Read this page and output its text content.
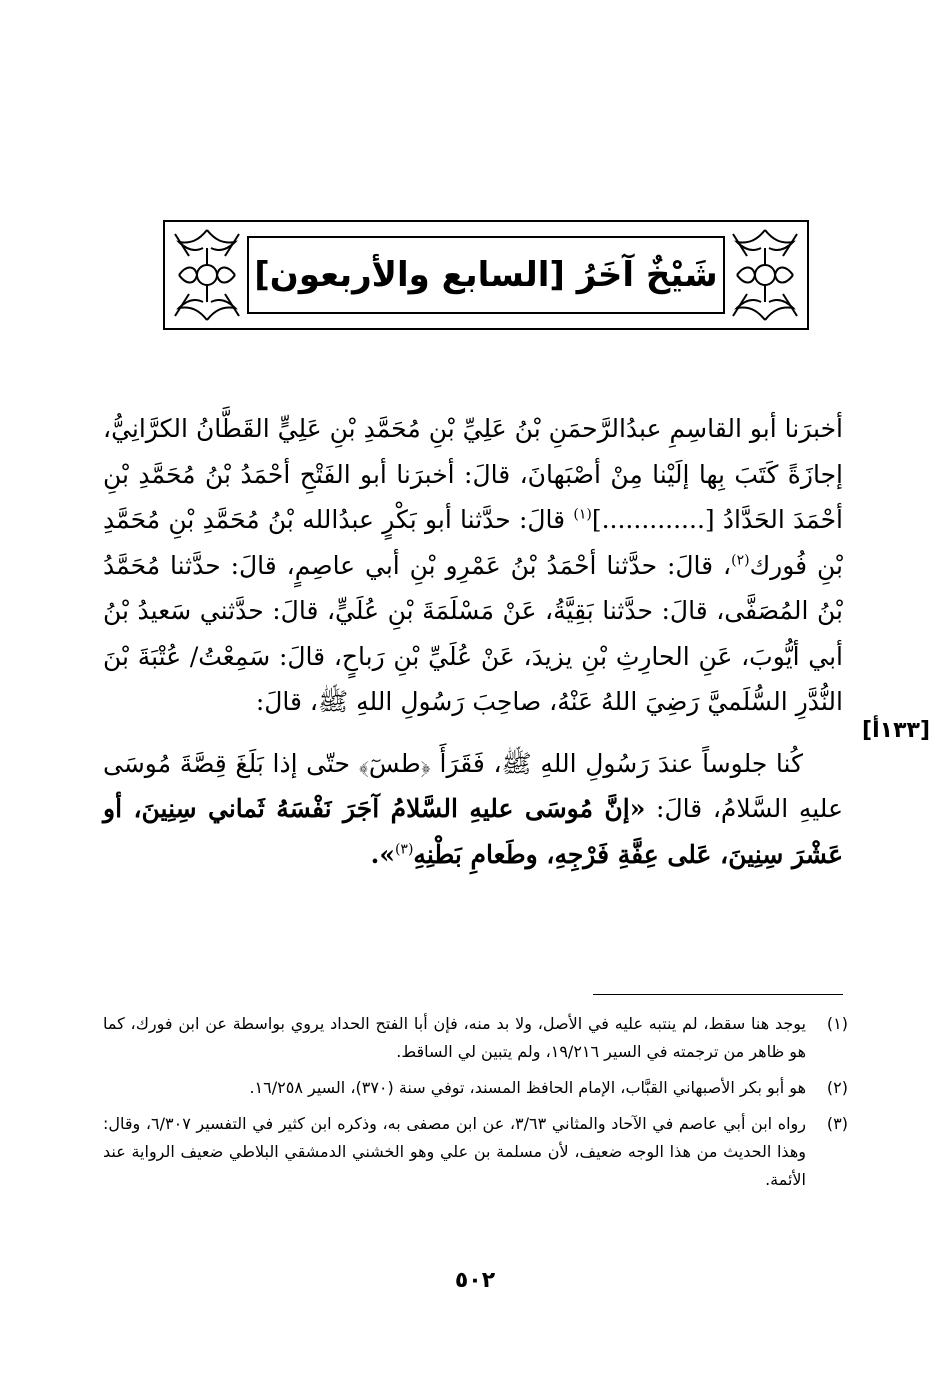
شَيْخٌ آخَرُ [السابع والأربعون]

أخبرَنا أبو القاسِمِ عبدُالرَّحمَنِ بْنُ عَلِيِّ بْنِ مُحَمَّدِ بْنِ عَلِيٍّ القَطَّانُ الكرَّانِيُّ، إجازَةً كَتَبَ بِها إلَيْنا مِنْ أصْبَهانَ، قالَ: أخبرَنا أبو الفَتْحِ أحْمَدُ بْنُ مُحَمَّدِ بْنِ أحْمَدَ الحَدَّادُ [.............]$^{(١)}$ قالَ: حدَّثنا أبو بَكْرٍ عبدُالله بْنُ مُحَمَّدِ بْنِ مُحَمَّدِ بْنِ فُورك$^{(٢)}$، قالَ: حدَّثنا أحْمَدُ بْنُ عَمْرِو بْنِ أبي عاصِمٍ، قالَ: حدَّثنا مُحَمَّدُ بْنُ المُصَفَّى، قالَ: حدَّثنا بَقِيَّةُ، عَنْ مَسْلَمَةَ بْنِ عُلَيٍّ، قالَ: حدَّثني سَعيدُ بْنُ أبي أيُّوبَ، عَنِ الحارِثِ بْنِ يزيدَ، عَنْ عُلَيِّ بْنِ رَباحٍ، قالَ: سَمِعْتُ/ عُتْبَةَ بْنَ النُّدَّرِ السُّلَميَّ رَضِيَ اللهُ عَنْهُ، صاحِبَ رَسُولِ اللهِ ﷺ، قالَ:

كُنا جلوساً عندَ رَسُولِ اللهِ ﷺ، فَقَرَأَ ﴿طسٓ﴾ حتّى إذا بَلَغَ قِصَّةَ مُوسَى عليهِ السَّلامُ، قالَ: «إنَّ مُوسَى عليهِ السَّلامُ آجَرَ نَفْسَهُ ثَماني سِنِينَ، أو عَشْرَ سِنِينَ، عَلى عِفَّةِ فَرْجِهِ، وطَعامِ بَطْنِهِ$^{(٣)}$».

[١٣٣أ]
(١)
يوجد هنا سقط، لم ينتبه عليه في الأصل، ولا بد منه، فإن أبا الفتح الحداد يروي بواسطة عن ابن فورك، كما هو ظاهر من ترجمته في السير ١٩/٢١٦، ولم يتبين لي الساقط.
(٢)
هو أبو بكر الأصبهاني القبَّاب، الإمام الحافظ المسند، توفي سنة (٣٧٠)، السير ١٦/٢٥٨.
(٣)
رواه ابن أبي عاصم في الآحاد والمثاني ٣/٦٣، عن ابن مصفى به، وذكره ابن كثير في التفسير ٦/٣٠٧، وقال: وهذا الحديث من هذا الوجه ضعيف، لأن مسلمة بن علي وهو الخشني الدمشقي البلاطي ضعيف الرواية عند الأئمة.
٥٠٢
